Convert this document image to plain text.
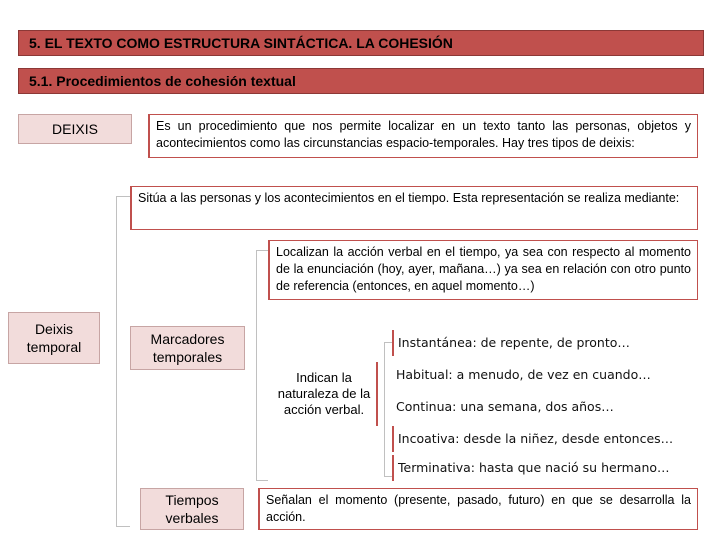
5. EL TEXTO COMO ESTRUCTURA SINTÁCTICA. LA COHESIÓN
5.1. Procedimientos de cohesión textual
DEIXIS	Es un procedimiento que nos permite localizar en un texto tanto las personas, objetos y acontecimientos como las circunstancias espacio-temporales. Hay tres tipos de deixis:
Sitúa a las personas y los acontecimientos en el tiempo. Esta representación se realiza mediante:
Deixis temporal
Localizan la acción verbal en el tiempo, ya sea con respecto al momento de la enunciación (hoy, ayer, mañana…) ya sea en relación con otro punto de referencia (entonces, en aquel momento…)
Marcadores temporales
Indican la naturaleza de la acción verbal.
Instantánea: de repente, de pronto…
Habitual: a menudo, de vez en cuando…
Continua: una semana, dos años…
Incoativa: desde la niñez, desde entonces…
Terminativa: hasta que nació su hermano…
Tiempos verbales
Señalan el momento (presente, pasado, futuro) en que se desarrolla la acción.
